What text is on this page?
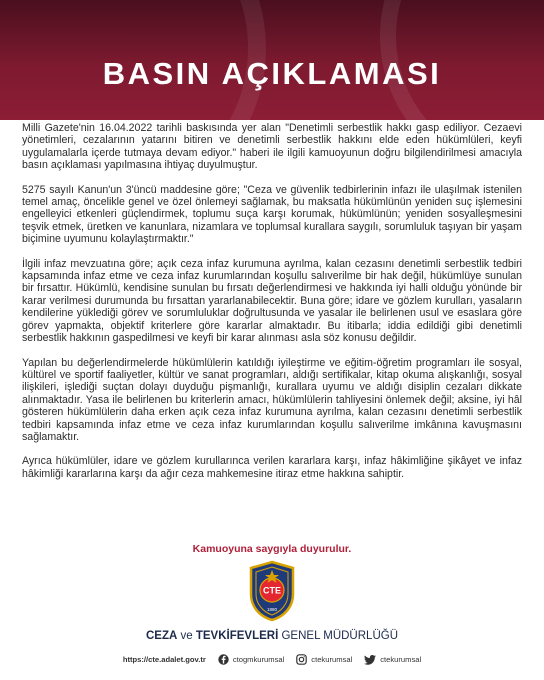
BASIN AÇIKLAMASI

Milli Gazete'nin 16.04.2022 tarihli baskısında yer alan "Denetimli serbestlik hakkı gasp ediliyor. Cezaevi yönetimleri, cezalarının yatarını bitiren ve denetimli serbestlik hakkını elde eden hükümlüleri, keyfi uygulamalarla içerde tutmaya devam ediyor." haberi ile ilgili kamuoyunun doğru bilgilendirilmesi amacıyla basın açıklaması yapılmasına ihtiyaç duyulmuştur.

5275 sayılı Kanun'un 3'üncü maddesine göre; "Ceza ve güvenlik tedbirlerinin infazı ile ulaşılmak istenilen temel amaç, öncelikle genel ve özel önlemeyi sağlamak, bu maksatla hükümlünün yeniden suç işlemesini engelleyici etkenleri güçlendirmek, toplumu suça karşı korumak, hükümlünün; yeniden sosyalleşmesini teşvik etmek, üretken ve kanunlara, nizamlara ve toplumsal kurallara saygılı, sorumluluk taşıyan bir yaşam biçimine uyumunu kolaylaştırmaktır."

İlgili infaz mevzuatına göre; açık ceza infaz kurumuna ayrılma, kalan cezasını denetimli serbestlik tedbiri kapsamında infaz etme ve ceza infaz kurumlarından koşullu salıverilme bir hak değil, hükümlüye sunulan bir fırsattır. Hükümlü, kendisine sunulan bu fırsatı değerlendirmesi ve hakkında iyi halli olduğu yönünde bir karar verilmesi durumunda bu fırsattan yararlanabilecektir. Buna göre; idare ve gözlem kurulları, yasaların kendilerine yüklediği görev ve sorumluluklar doğrultusunda ve yasalar ile belirlenen usul ve esaslara göre görev yapmakta, objektif kriterlere göre kararlar almaktadır. Bu itibarla; iddia edildiği gibi denetimli serbestlik hakkının gaspedilmesi ve keyfi bir karar alınması asla söz konusu değildir.

Yapılan bu değerlendirmelerde hükümlülerin katıldığı iyileştirme ve eğitim-öğretim programları ile sosyal, kültürel ve sportif faaliyetler, kültür ve sanat programları, aldığı sertifikalar, kitap okuma alışkanlığı, sosyal ilişkileri, işlediği suçtan dolayı duyduğu pişmanlığı, kurallara uyumu ve aldığı disiplin cezaları dikkate alınmaktadır. Yasa ile belirlenen bu kriterlerin amacı, hükümlülerin tahliyesini önlemek değil; aksine, iyi hâl gösteren hükümlülerin daha erken açık ceza infaz kurumuna ayrılma, kalan cezasını denetimli serbestlik tedbiri kapsamında infaz etme ve ceza infaz kurumlarından koşullu salıverilme imkânına kavuşmasını sağlamaktır.

Ayrıca hükümlüler, idare ve gözlem kurullarınca verilen kararlara karşı, infaz hâkimliğine şikâyet ve infaz hâkimliği kararlarına karşı da ağır ceza mahkemesine itiraz etme hakkına sahiptir.

Kamuoyuna saygıyla duyurulur.
CTE
1880
CEZA ve TEVKİFEVLERİ GENEL MÜDÜRLÜĞÜ
https://cte.adalet.gov.tr	ctogmkurumsal	ctekurumsal	ctekurumsal
